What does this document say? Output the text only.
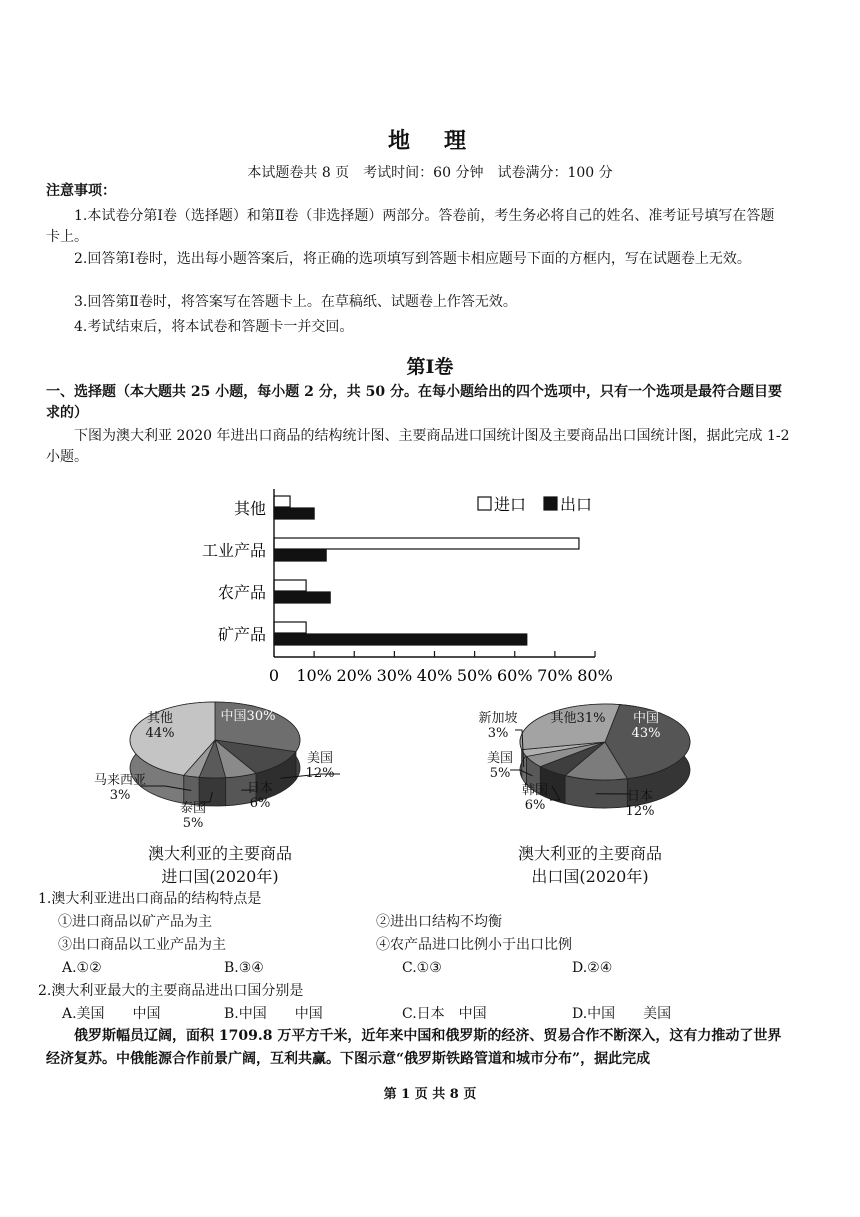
地　理
本试题卷共 8 页　考试时间：60 分钟　试卷满分：100 分
注意事项：
1.本试卷分第Ⅰ卷（选择题）和第Ⅱ卷（非选择题）两部分。答卷前，考生务必将自己的姓名、准考证号填写在答题卡上。
2.回答第Ⅰ卷时，选出每小题答案后，将正确的选项填写到答题卡相应题号下面的方框内，写在试题卷上无效。
3.回答第Ⅱ卷时，将答案写在答题卡上。在草稿纸、试题卷上作答无效。
4.考试结束后，将本试卷和答题卡一并交回。
第Ⅰ卷
一、选择题（本大题共 25 小题，每小题 2 分，共 50 分。在每小题给出的四个选项中，只有一个选项是最符合题目要求的）
下图为澳大利亚 2020 年进出口商品的结构统计图、主要商品进口国统计图及主要商品出口国统计图，据此完成 1-2 小题。
其他
工业产品
农产品
矿产品
0 10% 20% 30% 40% 50% 60% 70% 80%
进口 出口
中国30%
美国 12%
日本 6%
泰国 5%
马来西亚 3%
其他 44%
澳大利亚的主要商品
进口国(2020年)
中国 43%
日本 12%
韩国 6%
美国 5%
新加坡 3%
其他31%
澳大利亚的主要商品
出口国(2020年)
1.澳大利亚进出口商品的结构特点是
①进口商品以矿产品为主	②进出口结构不均衡
③出口商品以工业产品为主	④农产品进口比例小于出口比例
A.①②	B.③④	C.①③	D.②④
2.澳大利亚最大的主要商品进出口国分别是
A.美国　　中国	B.中国　　中国	C.日本　中国	D.中国　　美国
俄罗斯幅员辽阔，面积 1709.8 万平方千米，近年来中国和俄罗斯的经济、贸易合作不断深入，这有力推动了世界经济复苏。中俄能源合作前景广阔，互利共赢。下图示意“俄罗斯铁路管道和城市分布”，据此完成
第 1 页 共 8 页
